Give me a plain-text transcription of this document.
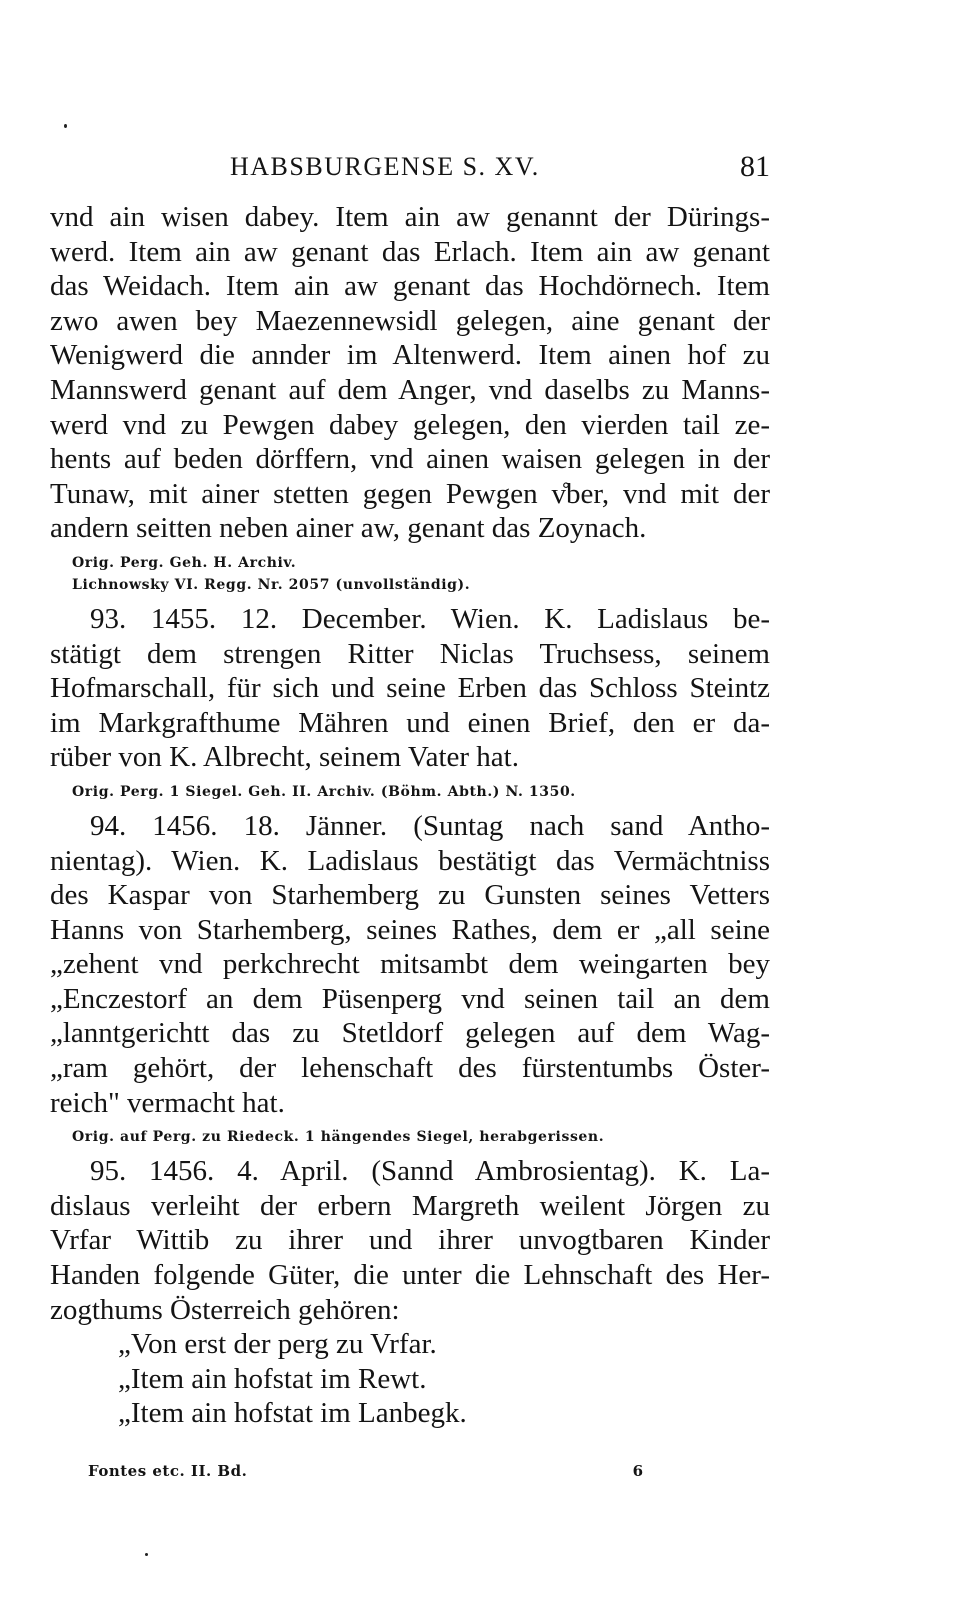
HABSBURGENSE S. XV.	81
vnd ain wisen dabey. Item ain aw genannt der Dürings-
werd. Item ain aw genant das Erlach. Item ain aw genant
das Weidach. Item ain aw genant das Hochdörnech. Item
zwo awen bey Maezennewsidl gelegen, aine genant der
Wenigwerd die annder im Altenwerd. Item ainen hof zu
Mannswerd genant auf dem Anger, vnd daselbs zu Manns-
werd vnd zu Pewgen dabey gelegen, den vierden tail ze-
hents auf beden dörffern, vnd ainen waisen gelegen in der
Tunaw, mit ainer stetten gegen Pewgen v̊ber, vnd mit der
andern seitten neben ainer aw, genant das Zoynach.
Orig. Perg. Geh. H. Archiv.
Lichnowsky VI. Regg. Nr. 2057 (unvollständig).
93. 1455. 12. December. Wien. K. Ladislaus be-
stätigt dem strengen Ritter Niclas Truchsess, seinem
Hofmarschall, für sich und seine Erben das Schloss Steintz
im Markgrafthume Mähren und einen Brief, den er da-
rüber von K. Albrecht, seinem Vater hat.
Orig. Perg. 1 Siegel. Geh. II. Archiv. (Böhm. Abth.) N. 1350.
94. 1456. 18. Jänner. (Suntag nach sand Antho-
nientag). Wien. K. Ladislaus bestätigt das Vermächtniss
des Kaspar von Starhemberg zu Gunsten seines Vetters
Hanns von Starhemberg, seines Rathes, dem er „all seine
„zehent vnd perkchrecht mitsambt dem weingarten bey
„Enczestorf an dem Püsenperg vnd seinen tail an dem
„lanntgerichtt das zu Stetldorf gelegen auf dem Wag-
„ram gehört, der lehenschaft des fürstentumbs Öster-
reich" vermacht hat.
Orig. auf Perg. zu Riedeck. 1 hängendes Siegel, herabgerissen.
95. 1456. 4. April. (Sannd Ambrosientag). K. La-
dislaus verleiht der erbern Margreth weilent Jörgen zu
Vrfar Wittib zu ihrer und ihrer unvogtbaren Kinder
Handen folgende Güter, die unter die Lehnschaft des Her-
zogthums Österreich gehören:
„Von erst der perg zu Vrfar.
„Item ain hofstat im Rewt.
„Item ain hofstat im Lanbegk.
Fontes etc. II. Bd.	6
